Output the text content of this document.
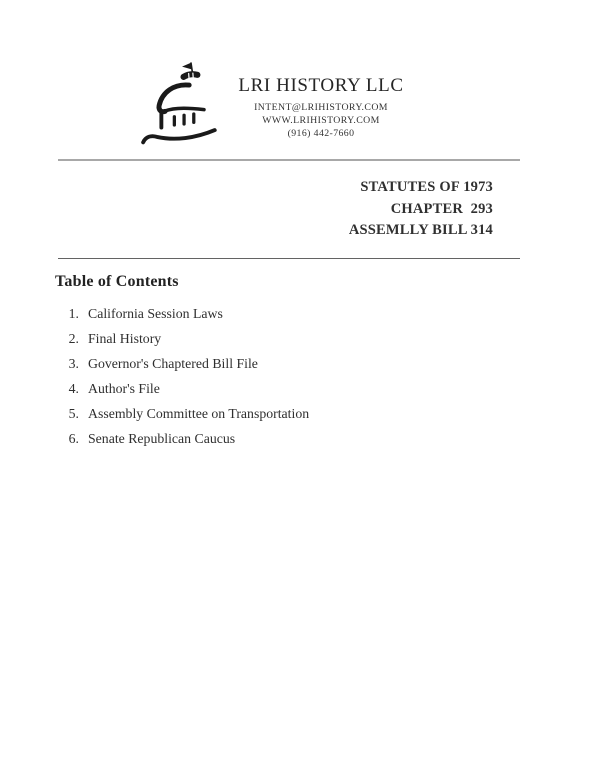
LRI HISTORY LLC
INTENT@LRIHISTORY.COM
WWW.LRIHISTORY.COM
(916) 442-7660
STATUTES OF 1973
CHAPTER  293
ASSEMLLY BILL 314
Table of Contents
1. California Session Laws
2. Final History
3. Governor's Chaptered Bill File
4. Author's File
5. Assembly Committee on Transportation
6. Senate Republican Caucus
